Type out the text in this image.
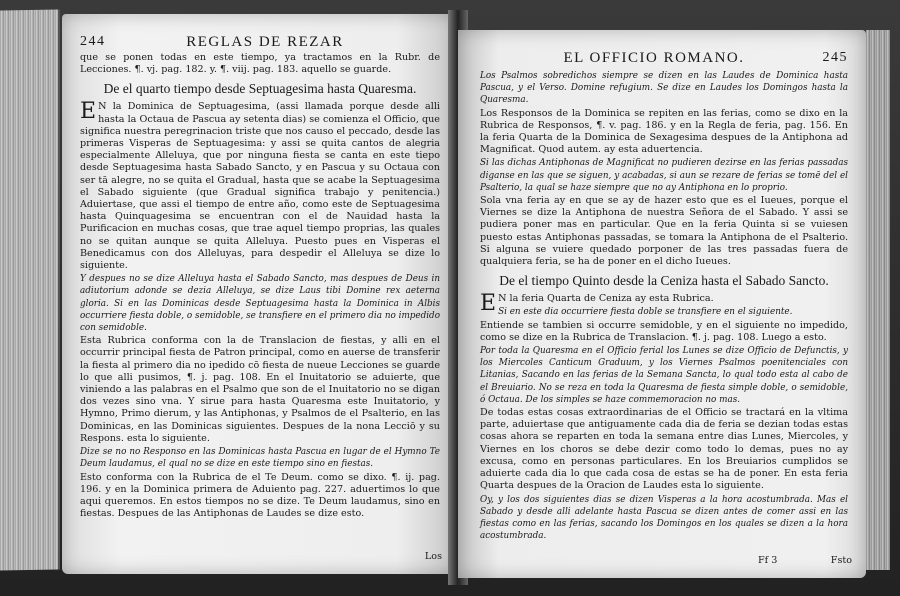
244	REGLAS DE REZAR

que se ponen todas en este tiempo, ya tractamos en la Rubr. de Lecciones. ¶. vj. pag. 182. y. ¶. viij. pag. 183. aquello se guarde.

De el quarto tiempo desde Septuagesima hasta Quaresma.

E N la Dominica de Septuagesima, (assi llamada porque desde alli hasta la Octaua de Pascua ay setenta dias) se comienza el Officio, que significa nuestra peregrinacion triste que nos causo el peccado, desde las primeras Visperas de Septuagesima: y assi se quita cantos de alegria especialmente Alleluya, que por ninguna fiesta se canta en este tiepo desde Septuagesima hasta Sabado Sancto, y en Pascua y su Octaua con ser tā alegre, no se quita el Gradual, hasta que se acabe la Septuagesima el Sabado siguiente (que Gradual significa trabajo y penitencia.) Aduiertase, que assi el tiempo de entre año, como este de Septuagesima hasta Quinquagesima se encuentran con el de Nauidad hasta la Purificacion en muchas cosas, que trae aquel tiempo proprias, las quales no se quitan aunque se quita Alleluya. Puesto pues en Visperas el Benedicamus con dos Alleluyas, para despedir el Alleluya se dize lo siguiente.

Y despues no se dize Alleluya hasta el Sabado Sancto, mas despues de Deus in adiutorium adonde se dezia Alleluya, se dize Laus tibi Domine rex aeterna gloria. Si en las Dominicas desde Septuagesima hasta la Dominica in Albis occurriere fiesta doble, o semidoble, se transfiere en el primero dia no impedido con semidoble.

Esta Rubrica conforma con la de Translacion de fiestas, y alli en el occurrir principal fiesta de Patron principal, como en auerse de transferir la fiesta al primero dia no ipedido cō fiesta de nueue Lecciones se guarde lo que alli pusimos, ¶. j. pag. 108. En el Inuitatorio se aduierte, que viniendo a las palabras en el Psalmo que son de el Inuitatorio no se digan dos vezes sino vna. Y sirue para hasta Quaresma este Inuitatorio, y Hymno, Primo dierum, y las Antiphonas, y Psalmos de el Psalterio, en las Dominicas, en las Dominicas siguientes. Despues de la nona Lecciō y su Respons. esta lo siguiente.

Dize se no no Responso en las Dominicas hasta Pascua en lugar de el Hymno Te Deum laudamus, el qual no se dize en este tiempo sino en fiestas.

Esto conforma con la Rubrica de el Te Deum. como se dixo. ¶. ij. pag. 196. y en la Dominica primera de Aduiento pag. 227. aduertimos lo que aqui queremos. En estos tiempos no se dize. Te Deum laudamus, sino en fiestas. Despues de las Antiphonas de Laudes se dize esto.

Los
EL OFFICIO ROMANO.	245

Los Psalmos sobredichos siempre se dizen en las Laudes de Dominica hasta Pascua, y el Verso. Domine refugium. Se dize en Laudes los Domingos hasta la Quaresma.

Los Responsos de la Dominica se repiten en las ferias, como se dixo en la Rubrica de Responsos, ¶. v. pag. 186. y en la Regla de feria, pag. 156. En la feria Quarta de la Dominica de Sexagesima despues de la Antiphona ad Magnificat. Quod autem. ay esta aduertencia.

Si las dichas Antiphonas de Magnificat no pudieren dezirse en las ferias passadas diganse en las que se siguen, y acabadas, si aun se rezare de ferias se tomē del el Psalterio, la qual se haze siempre que no ay Antiphona en lo proprio.

Sola vna feria ay en que se ay de hazer esto que es el Iueues, porque el Viernes se dize la Antiphona de nuestra Señora de el Sabado. Y assi se pudiera poner mas en particular. Que en la feria Quinta si se vuiesen puesto estas Antiphonas passadas, se tomara la Antiphona de el Psalterio. Si alguna se vuiere quedado porponer de las tres passadas fuera de qualquiera feria, se ha de poner en el dicho Iueues.

De el tiempo Quinto desde la Ceniza hasta el Sabado Sancto.

E N la feria Quarta de Ceniza ay esta Rubrica.

Si en este dia occurriere fiesta doble se transfiere en el siguiente.

Entiende se tambien si occurre semidoble, y en el siguiente no impedido, como se dize en la Rubrica de Translacion. ¶. j. pag. 108. Luego a esto.

Por toda la Quaresma en el Officio ferial los Lunes se dize Officio de Defunctis, y los Miercoles Canticum Graduum, y los Viernes Psalmos poenitenciales con Litanias, Sacando en las ferias de la Semana Sancta, lo qual todo esta al cabo de el Breuiario. No se reza en toda la Quaresma de fiesta simple doble, o semidoble, ó Octaua. De los simples se haze commemoracion no mas.

De todas estas cosas extraordinarias de el Officio se tractará en la vltima parte, aduiertase que antiguamente cada dia de feria se dezian todas estas cosas ahora se reparten en toda la semana entre dias Lunes, Miercoles, y Viernes en los choros se debe dezir como todo lo demas, pues no ay excusa, como en personas particulares. En los Breuiarios cumplidos se aduierte cada dia lo que cada cosa de estas se ha de poner. En esta feria Quarta despues de la Oracion de Laudes esta lo siguiente.

Oy, y los dos siguientes dias se dizen Visperas a la hora acostumbrada. Mas el Sabado y desde alli adelante hasta Pascua se dizen antes de comer assi en las fiestas como en las ferias, sacando los Domingos en los quales se dizen a la hora acostumbrada.

Ff 3	Fsto
